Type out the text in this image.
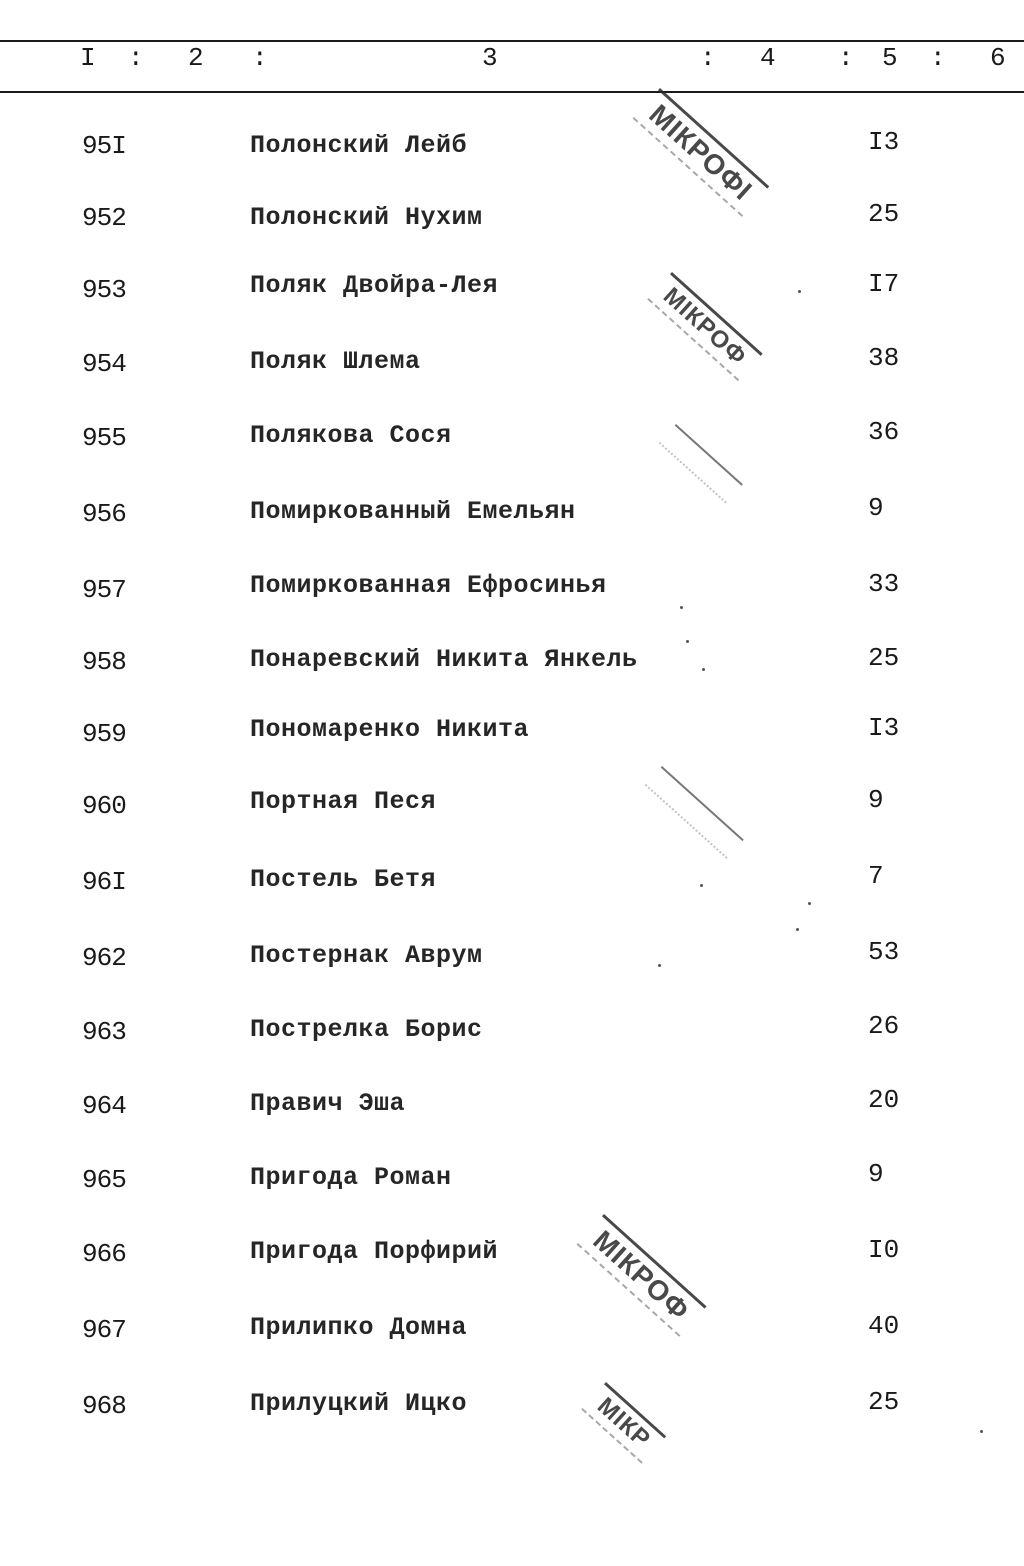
I : 2 :	3	: 4 : 5 : 6
95I	Полонский Лейб	I3
952	Полонский Нухим	25
953	Поляк Двойра-Лея	I7
954	Поляк Шлема	38
955	Полякова Сося	36
956	Помиркованный Емельян	9
957	Помиркованная Ефросинья	33
958	Понаревский Никита Янкель	25
959	Пономаренко Никита	I3
960	Портная Песя	9
96I	Постель Бетя	7
962	Постернак Аврум	53
963	Пострелка Борис	26
964	Правич Эша	20
965	Пригода Роман	9
966	Пригода Порфирий	I0
967	Прилипко Домна	40
968	Прилуцкий Ицко	25
МІКРОФІ
МІКРОФ
МІКРОФ
МІКР
